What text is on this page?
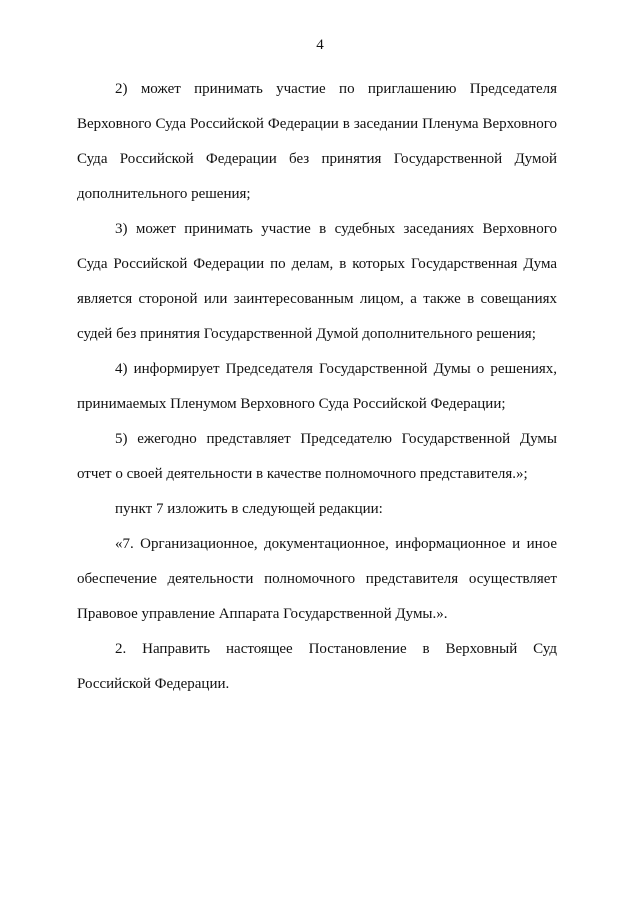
4

2) может принимать участие по приглашению Председателя Верховного Суда Российской Федерации в заседании Пленума Верховного Суда Российской Федерации без принятия Государственной Думой дополнительного решения;

3) может принимать участие в судебных заседаниях Верховного Суда Российской Федерации по делам, в которых Государственная Дума является стороной или заинтересованным лицом, а также в совещаниях судей без принятия Государственной Думой дополнительного решения;

4) информирует Председателя Государственной Думы о решениях, принимаемых Пленумом Верховного Суда Российской Федерации;

5) ежегодно представляет Председателю Государственной Думы отчет о своей деятельности в качестве полномочного представителя.»;

пункт 7 изложить в следующей редакции:

«7. Организационное, документационное, информационное и иное обеспечение деятельности полномочного представителя осуществляет Правовое управление Аппарата Государственной Думы.».

2. Направить настоящее Постановление в Верховный Суд Российской Федерации.
